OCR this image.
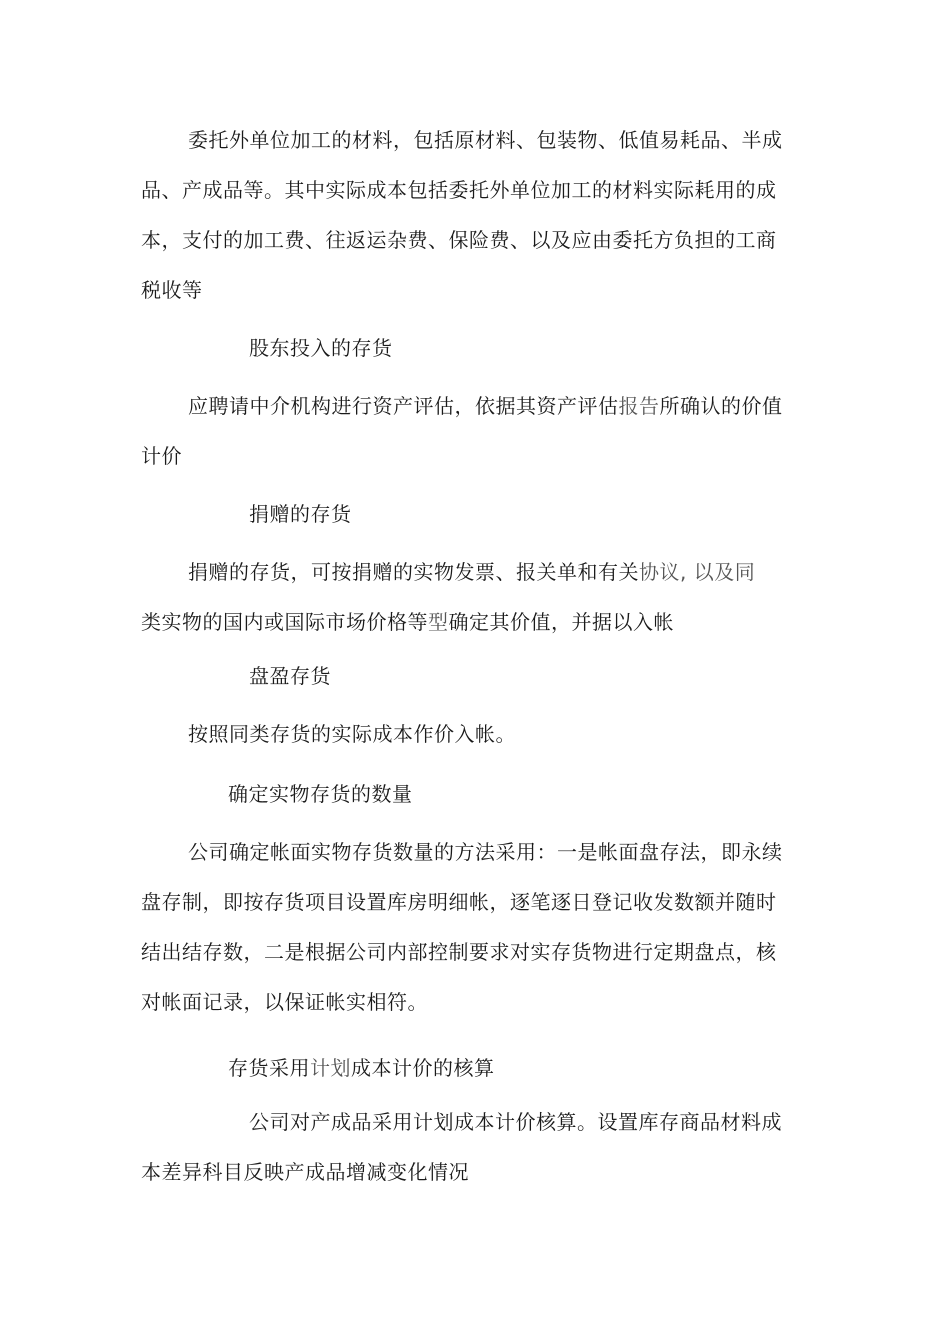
委托外单位加工的材料，包括原材料、包装物、低值易耗品、半成
品、产成品等。其中实际成本包括委托外单位加工的材料实际耗用的成
本，支付的加工费、往返运杂费、保险费、以及应由委托方负担的工商
税收等
股东投入的存货
应聘请中介机构进行资产评估，依据其资产评估报告所确认的价值
计价
捐赠的存货
捐赠的存货，可按捐赠的实物发票、报关单和有关协议, 以及同
类实物的国内或国际市场价格等型确定其价值，并据以入帐
盘盈存货
按照同类存货的实际成本作价入帐。
确定实物存货的数量
公司确定帐面实物存货数量的方法采用：一是帐面盘存法，即永续
盘存制，即按存货项目设置库房明细帐，逐笔逐日登记收发数额并随时
结出结存数，二是根据公司内部控制要求对实存货物进行定期盘点，核
对帐面记录，以保证帐实相符。
存货采用计划成本计价的核算
公司对产成品采用计划成本计价核算。设置库存商品材料成
本差异科目反映产成品增减变化情况
